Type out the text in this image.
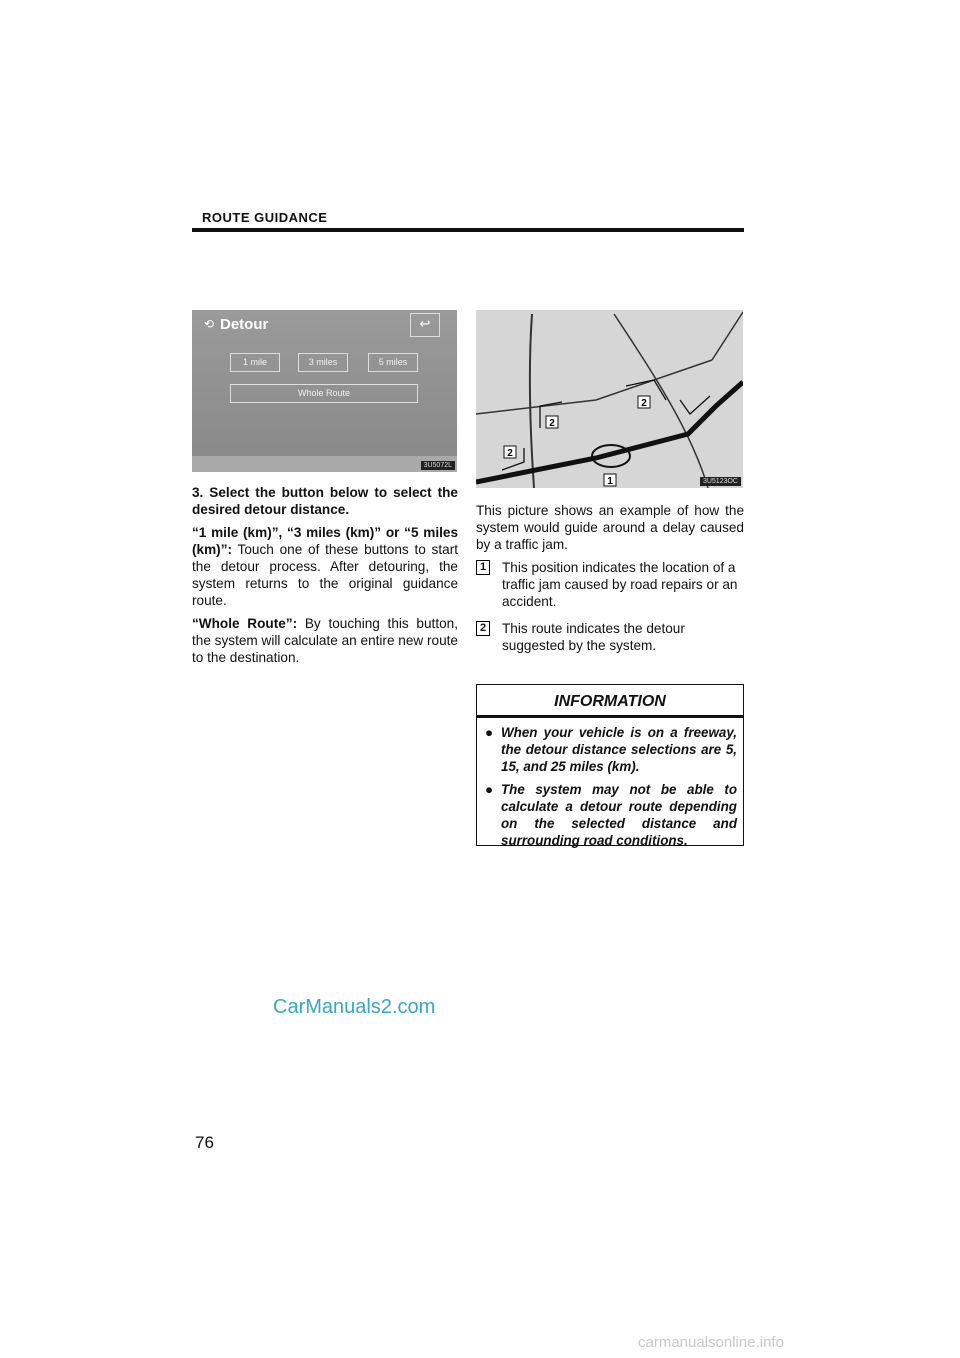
ROUTE GUIDANCE
⟲ Detour	↩
1 mile	3 miles	5 miles
Whole Route
3U5072L

3. Select the button below to select the desired detour distance.

“1 mile (km)”, “3 miles (km)” or “5 miles (km)”: Touch one of these buttons to start the detour process. After detouring, the system returns to the original guidance route.

“Whole Route”: By touching this button, the system will calculate an entire new route to the destination.

1
2
2
2
3U5123OC

This picture shows an example of how the system would guide around a delay caused by a traffic jam.

1 This position indicates the location of a traffic jam caused by road repairs or an accident.
2 This route indicates the detour suggested by the system.
INFORMATION
● When your vehicle is on a freeway, the detour distance selections are 5, 15, and 25 miles (km).
● The system may not be able to calculate a detour route depending on the selected distance and surrounding road conditions.
CarManuals2.com
76
carmanualsonline.info
